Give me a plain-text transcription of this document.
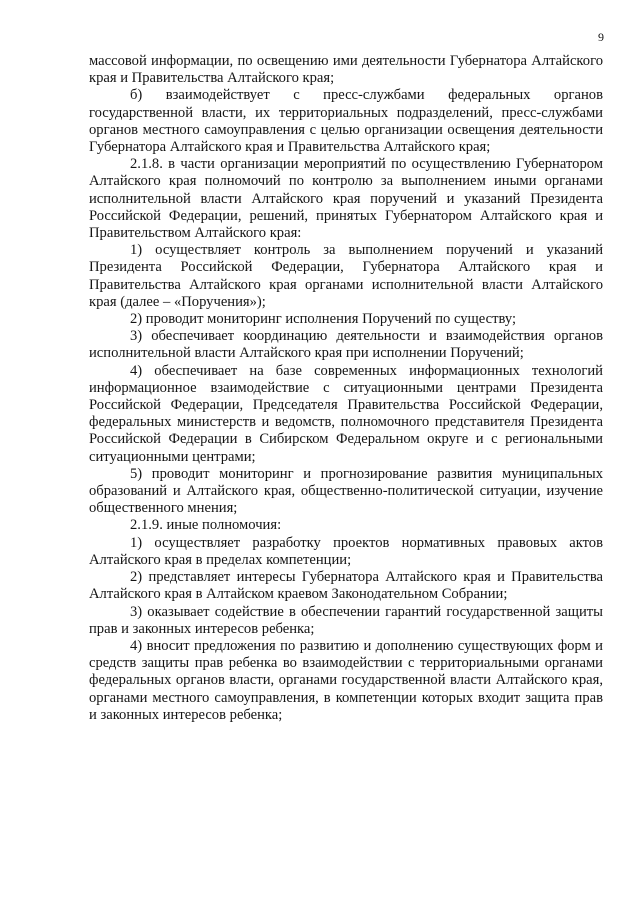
9

массовой информации, по освещению ими деятельности Губернатора Алтайского края и Правительства Алтайского края;

б) взаимодействует с пресс-службами федеральных органов государственной власти, их территориальных подразделений, пресс-службами органов местного самоуправления с целью организации освещения деятельности Губернатора Алтайского края и Правительства Алтайского края;

2.1.8. в части организации мероприятий по осуществлению Губернатором Алтайского края полномочий по контролю за выполнением иными органами исполнительной власти Алтайского края поручений и указаний Президента Российской Федерации, решений, принятых Губернатором Алтайского края и Правительством Алтайского края:

1) осуществляет контроль за выполнением поручений и указаний Президента Российской Федерации, Губернатора Алтайского края и Правительства Алтайского края органами исполнительной власти Алтайского края (далее – «Поручения»);

2) проводит мониторинг исполнения Поручений по существу;

3) обеспечивает координацию деятельности и взаимодействия органов исполнительной власти Алтайского края при исполнении Поручений;

4) обеспечивает на базе современных информационных технологий информационное взаимодействие с ситуационными центрами Президента Российской Федерации, Председателя Правительства Российской Федерации, федеральных министерств и ведомств, полномочного представителя Президента Российской Федерации в Сибирском Федеральном округе и с региональными ситуационными центрами;

5) проводит мониторинг и прогнозирование развития муниципальных образований и Алтайского края, общественно-политической ситуации, изучение общественного мнения;

2.1.9. иные полномочия:

1) осуществляет разработку проектов нормативных правовых актов Алтайского края в пределах компетенции;

2) представляет интересы Губернатора Алтайского края и Правительства Алтайского края в Алтайском краевом Законодательном Собрании;

3) оказывает содействие в обеспечении гарантий государственной защиты прав и законных интересов ребенка;

4) вносит предложения по развитию и дополнению существующих форм и средств защиты прав ребенка во взаимодействии с территориальными органами федеральных органов власти, органами государственной власти Алтайского края, органами местного самоуправления, в компетенции которых входит защита прав и законных интересов ребенка;
